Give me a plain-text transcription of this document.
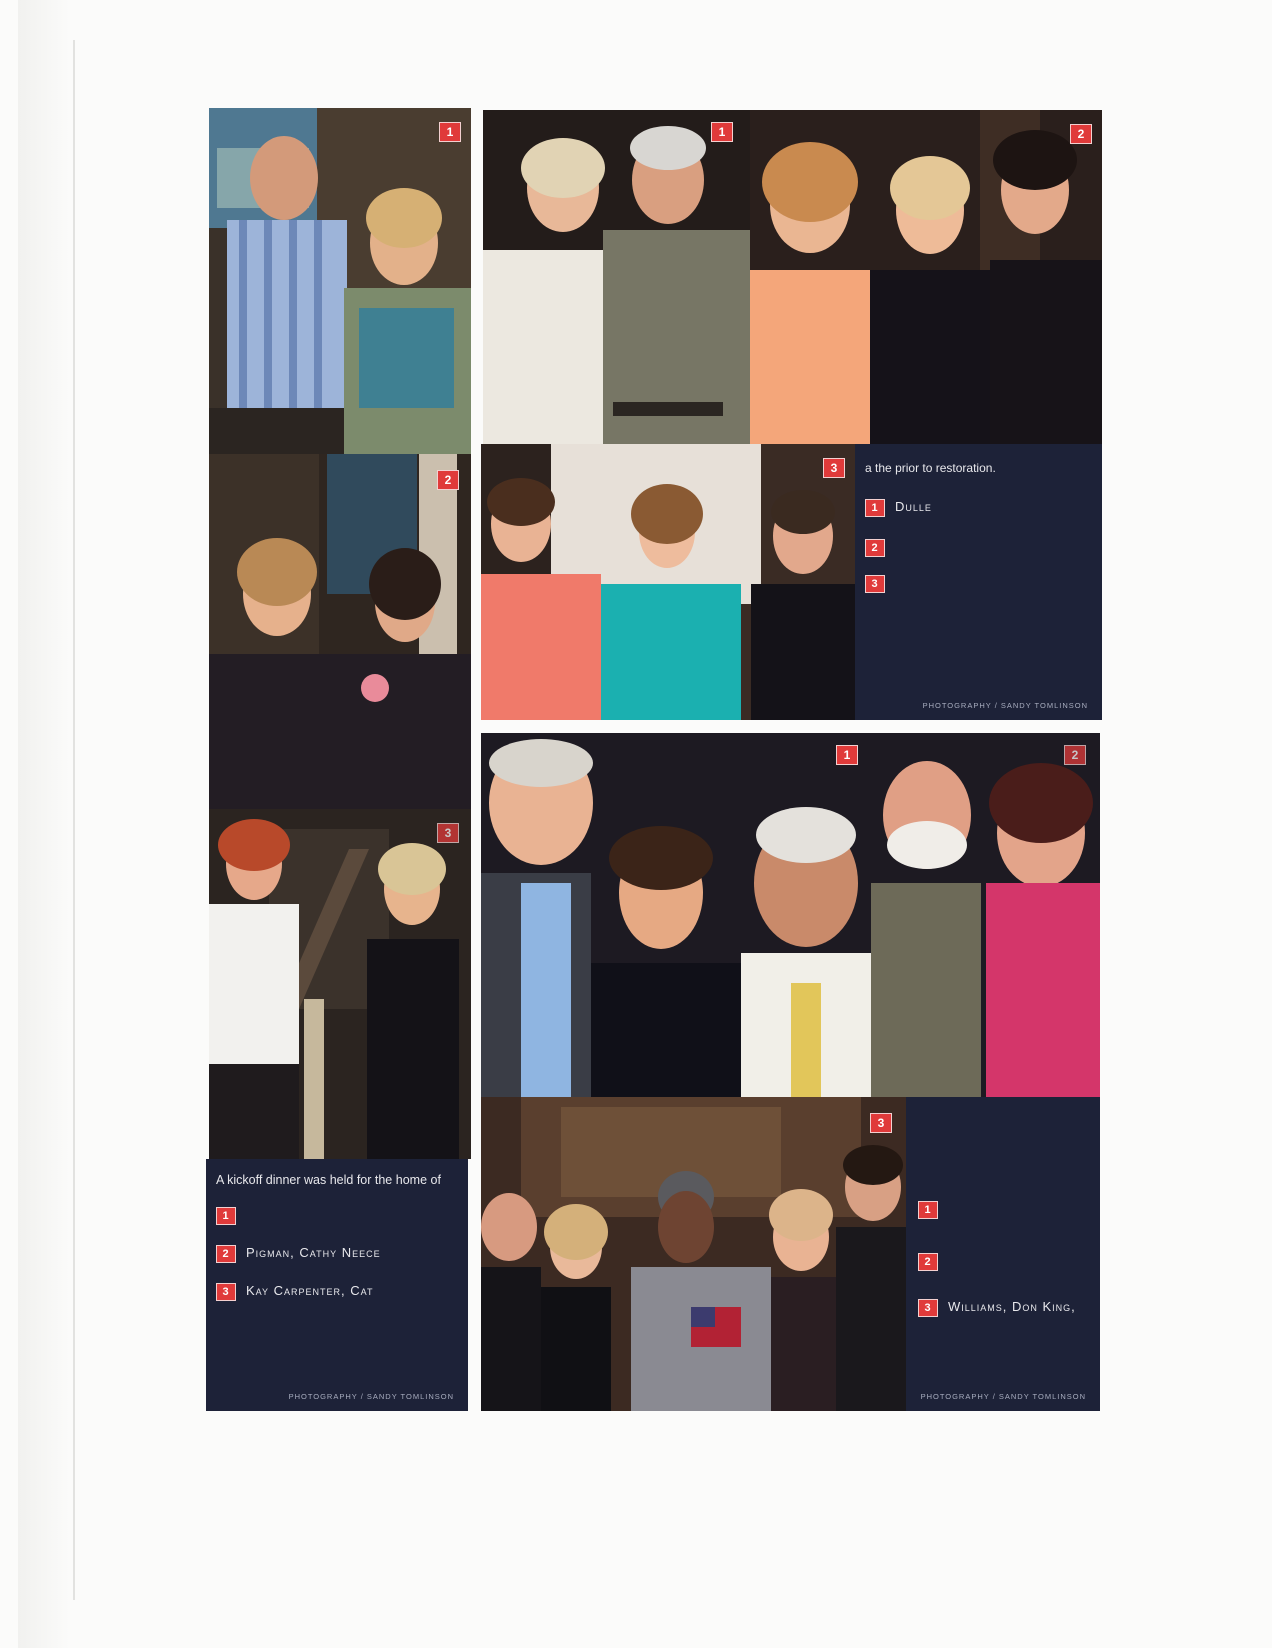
1
2
3
A kickoff dinner was held for the home of
1
2	Pigman, Cathy Neece
3	Kay Carpenter, Cat
PHOTOGRAPHY / SANDY TOMLINSON
1	2
3	a the prior to restoration.
1	Dulle
2
3
PHOTOGRAPHY / SANDY TOMLINSON
1	2
3
1
2
3	Williams, Don King,
PHOTOGRAPHY / SANDY TOMLINSON
